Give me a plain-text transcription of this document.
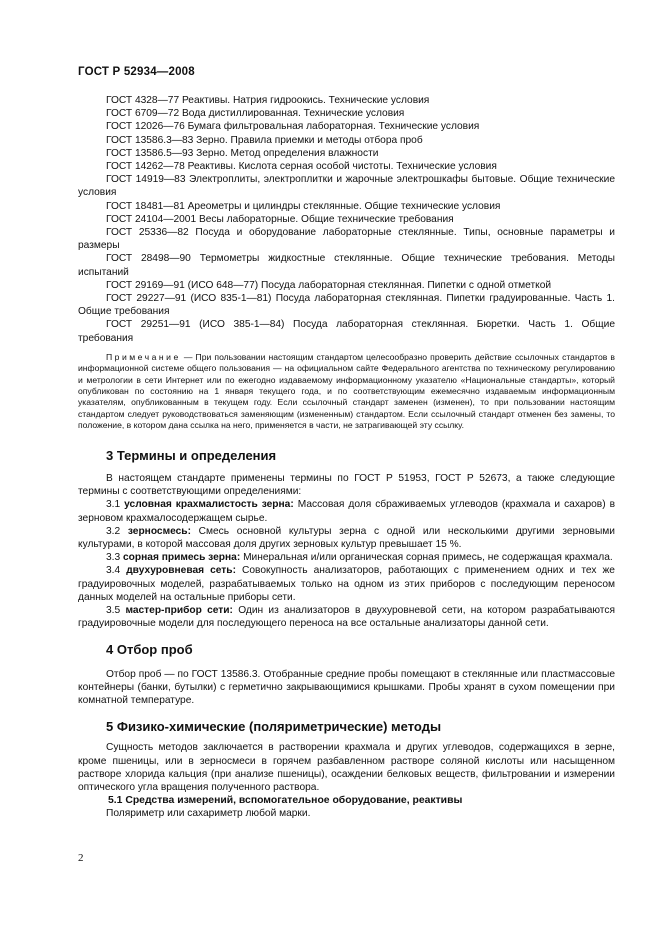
ГОСТ Р 52934—2008

ГОСТ 4328—77 Реактивы. Натрия гидроокись. Технические условия

ГОСТ 6709—72 Вода дистиллированная. Технические условия

ГОСТ 12026—76 Бумага фильтровальная лабораторная. Технические условия

ГОСТ 13586.3—83 Зерно. Правила приемки и методы отбора проб

ГОСТ 13586.5—93 Зерно. Метод определения влажности

ГОСТ 14262—78 Реактивы. Кислота серная особой чистоты. Технические условия

ГОСТ 14919—83 Электроплиты, электроплитки и жарочные электрошкафы бытовые. Общие технические условия

ГОСТ 18481—81 Ареометры и цилиндры стеклянные. Общие технические условия

ГОСТ 24104—2001 Весы лабораторные. Общие технические требования

ГОСТ 25336—82 Посуда и оборудование лабораторные стеклянные. Типы, основные параметры и размеры

ГОСТ 28498—90 Термометры жидкостные стеклянные. Общие технические требования. Методы испытаний

ГОСТ 29169—91 (ИСО 648—77) Посуда лабораторная стеклянная. Пипетки с одной отметкой

ГОСТ 29227—91 (ИСО 835-1—81) Посуда лабораторная стеклянная. Пипетки градуированные. Часть 1. Общие требования

ГОСТ 29251—91 (ИСО 385-1—84) Посуда лабораторная стеклянная. Бюретки. Часть 1. Общие требования

Примечание — При пользовании настоящим стандартом целесообразно проверить действие ссылочных стандартов в информационной системе общего пользования — на официальном сайте Федерального агентства по техническому регулированию и метрологии в сети Интернет или по ежегодно издаваемому информационному указателю «Национальные стандарты», который опубликован по состоянию на 1 января текущего года, и по соответствующим ежемесячно издаваемым информационным указателям, опубликованным в текущем году. Если ссылочный стандарт заменен (изменен), то при пользовании настоящим стандартом следует руководствоваться заменяющим (измененным) стандартом. Если ссылочный стандарт отменен без замены, то положение, в котором дана ссылка на него, применяется в части, не затрагивающей эту ссылку.

3 Термины и определения

В настоящем стандарте применены термины по ГОСТ Р 51953, ГОСТ Р 52673, а также следующие термины с соответствующими определениями:

3.1 условная крахмалистость зерна: Массовая доля сбраживаемых углеводов (крахмала и сахаров) в зерновом крахмалосодержащем сырье.

3.2 зерносмесь: Смесь основной культуры зерна с одной или несколькими другими зерновыми культурами, в которой массовая доля других зерновых культур превышает 15 %.

3.3 сорная примесь зерна: Минеральная и/или органическая сорная примесь, не содержащая крахмала.

3.4 двухуровневая сеть: Совокупность анализаторов, работающих с применением одних и тех же градуировочных моделей, разрабатываемых только на одном из этих приборов с последующим переносом данных моделей на остальные приборы сети.

3.5 мастер-прибор сети: Один из анализаторов в двухуровневой сети, на котором разрабатываются градуировочные модели для последующего переноса на все остальные анализаторы данной сети.

4 Отбор проб

Отбор проб — по ГОСТ 13586.3. Отобранные средние пробы помещают в стеклянные или пластмассовые контейнеры (банки, бутылки) с герметично закрывающимися крышками. Пробы хранят в сухом помещении при комнатной температуре.

5 Физико-химические (поляриметрические) методы

Сущность методов заключается в растворении крахмала и других углеводов, содержащихся в зерне, кроме пшеницы, или в зерносмеси в горячем разбавленном растворе соляной кислоты или насыщенном растворе хлорида кальция (при анализе пшеницы), осаждении белковых веществ, фильтровании и измерении оптического угла вращения полученного раствора.

5.1 Средства измерений, вспомогательное оборудование, реактивы

Поляриметр или сахариметр любой марки.

2
